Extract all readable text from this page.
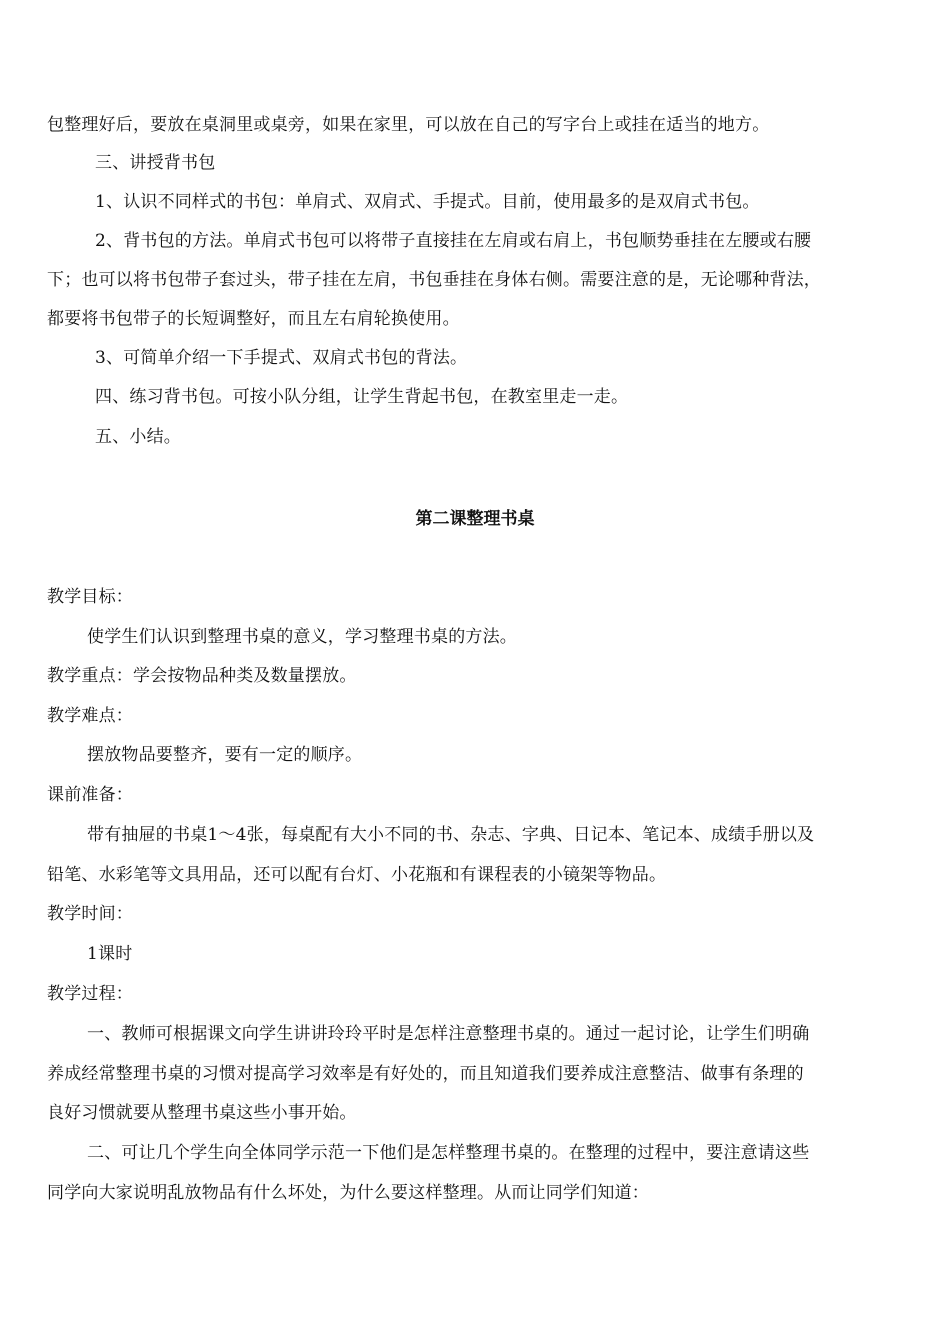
包整理好后，要放在桌洞里或桌旁，如果在家里，可以放在自己的写字台上或挂在适当的地方。
三、讲授背书包
1、认识不同样式的书包：单肩式、双肩式、手提式。目前，使用最多的是双肩式书包。
2、背书包的方法。单肩式书包可以将带子直接挂在左肩或右肩上，书包顺势垂挂在左腰或右腰
下；也可以将书包带子套过头，带子挂在左肩，书包垂挂在身体右侧。需要注意的是，无论哪种背法，
都要将书包带子的长短调整好，而且左右肩轮换使用。
3、可简单介绍一下手提式、双肩式书包的背法。
四、练习背书包。可按小队分组，让学生背起书包，在教室里走一走。
五、小结。
第二课整理书桌
教学目标：
使学生们认识到整理书桌的意义，学习整理书桌的方法。
教学重点：学会按物品种类及数量摆放。
教学难点：
摆放物品要整齐，要有一定的顺序。
课前准备：
带有抽屉的书桌1～4张，每桌配有大小不同的书、杂志、字典、日记本、笔记本、成绩手册以及
铅笔、水彩笔等文具用品，还可以配有台灯、小花瓶和有课程表的小镜架等物品。
教学时间：
1课时
教学过程：
一、教师可根据课文向学生讲讲玲玲平时是怎样注意整理书桌的。通过一起讨论，让学生们明确
养成经常整理书桌的习惯对提高学习效率是有好处的，而且知道我们要养成注意整洁、做事有条理的
良好习惯就要从整理书桌这些小事开始。
二、可让几个学生向全体同学示范一下他们是怎样整理书桌的。在整理的过程中，要注意请这些
同学向大家说明乱放物品有什么坏处，为什么要这样整理。从而让同学们知道：
